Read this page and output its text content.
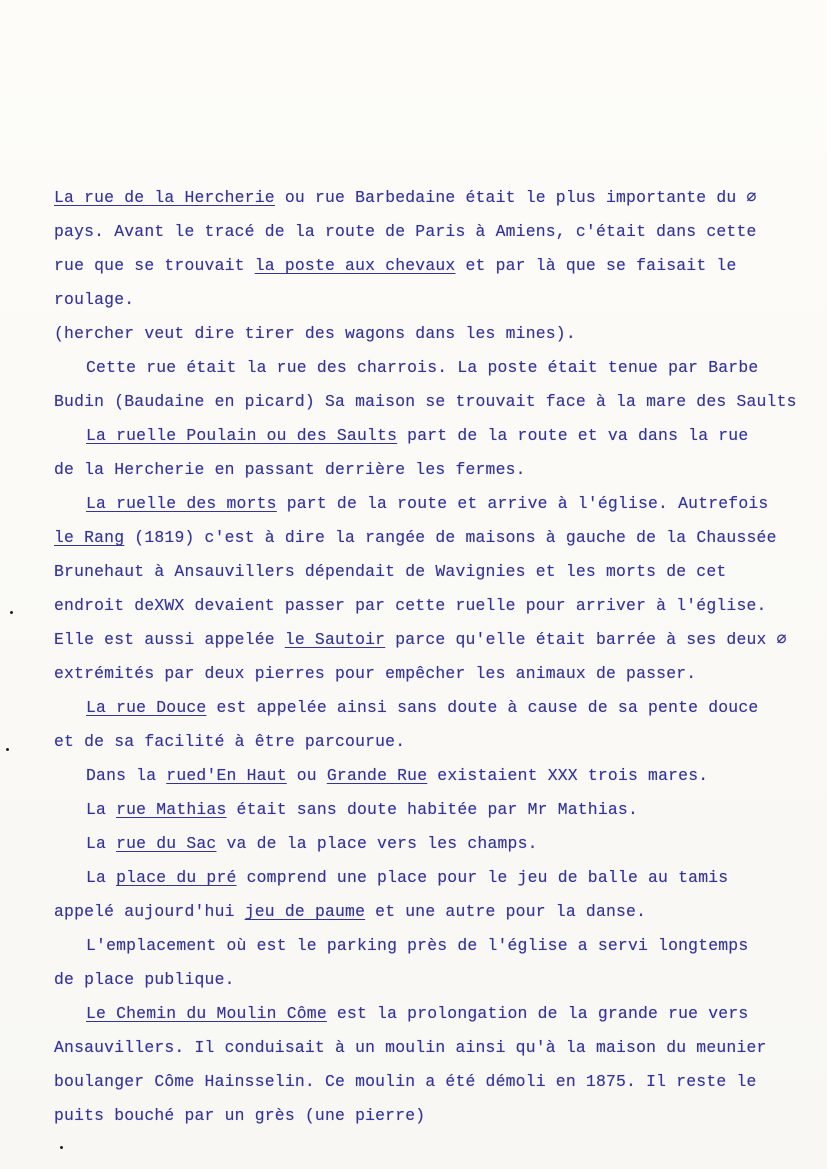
La rue de la Hercherie ou rue Barbedaine était le plus importante du ∅
pays. Avant le tracé de la route de Paris à Amiens, c'était dans cette
rue que se trouvait la poste aux chevaux et par là que se faisait le
roulage.
(hercher veut dire tirer des wagons dans les mines).
Cette rue était la rue des charrois. La poste était tenue par Barbe
Budin (Baudaine en picard) Sa maison se trouvait face à la mare des Saults
La ruelle Poulain ou des Saults part de la route et va dans la rue
de la Hercherie en passant derrière les fermes.
La ruelle des morts part de la route et arrive à l'église. Autrefois
le Rang (1819) c'est à dire la rangée de maisons à gauche de la Chaussée
Brunehaut à Ansauvillers dépendait de Wavignies et les morts de cet
endroit deXWX devaient passer par cette ruelle pour arriver à l'église.
Elle est aussi appelée le Sautoir parce qu'elle était barrée à ses deux ∅
extrémités par deux pierres pour empêcher les animaux de passer.
La rue Douce est appelée ainsi sans doute à cause de sa pente douce
et de sa facilité à être parcourue.
Dans la rued'En Haut ou Grande Rue existaient XXX trois mares.
La rue Mathias était sans doute habitée par Mr Mathias.
La rue du Sac va de la place vers les champs.
La place du pré comprend une place pour le jeu de balle au tamis
appelé aujourd'hui jeu de paume et une autre pour la danse.
L'emplacement où est le parking près de l'église a servi longtemps
de place publique.
Le Chemin du Moulin Côme est la prolongation de la grande rue vers
Ansauvillers. Il conduisait à un moulin ainsi qu'à la maison du meunier
boulanger Côme Hainsselin. Ce moulin a été démoli en 1875. Il reste le
puits bouché par un grès (une pierre)
